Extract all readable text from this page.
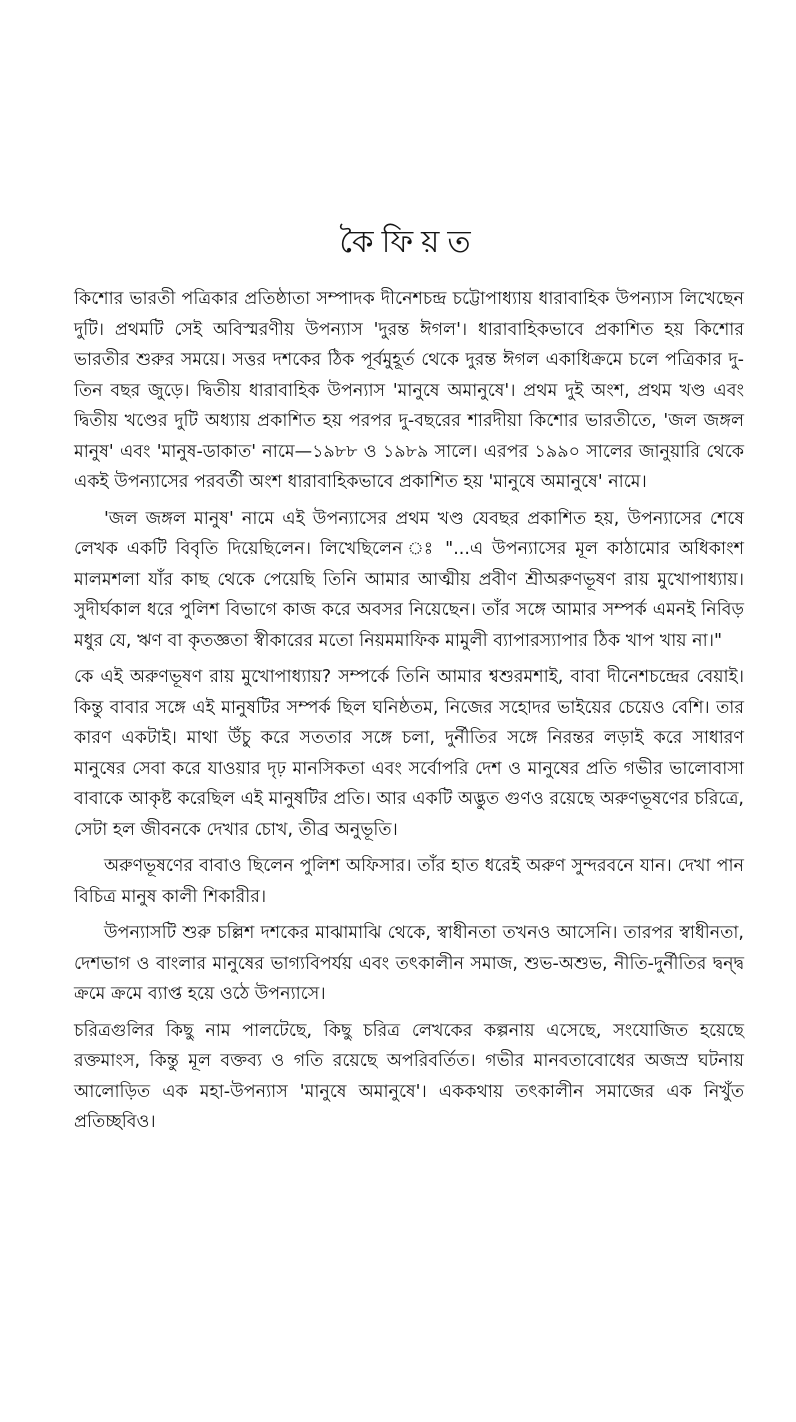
কৈফিয়ত

কিশোর ভারতী পত্রিকার প্রতিষ্ঠাতা সম্পাদক দীনেশচন্দ্র চট্টোপাধ্যায় ধারাবাহিক উপন্যাস লিখেছেন দুটি। প্রথমটি সেই অবিস্মরণীয় উপন্যাস 'দুরন্ত ঈগল'। ধারাবাহিকভাবে প্রকাশিত হয় কিশোর ভারতীর শুরুর সময়ে। সত্তর দশকের ঠিক পূর্বমুহূর্ত থেকে দুরন্ত ঈগল একাধিক্রমে চলে পত্রিকার দু-তিন বছর জুড়ে। দ্বিতীয় ধারাবাহিক উপন্যাস 'মানুষে অমানুষে'। প্রথম দুই অংশ, প্রথম খণ্ড এবং দ্বিতীয় খণ্ডের দুটি অধ্যায় প্রকাশিত হয় পরপর দু-বছরের শারদীয়া কিশোর ভারতীতে, 'জল জঙ্গল মানুষ' এবং 'মানুষ-ডাকাত' নামে—১৯৮৮ ও ১৯৮৯ সালে। এরপর ১৯৯০ সালের জানুয়ারি থেকে একই উপন্যাসের পরবর্তী অংশ ধারাবাহিকভাবে প্রকাশিত হয় 'মানুষে অমানুষে' নামে।

'জল জঙ্গল মানুষ' নামে এই উপন্যাসের প্রথম খণ্ড যেবছর প্রকাশিত হয়, উপন্যাসের শেষে লেখক একটি বিবৃতি দিয়েছিলেন। লিখেছিলেন ঃ "...এ উপন্যাসের মূল কাঠামোর অধিকাংশ মালমশলা যাঁর কাছ থেকে পেয়েছি তিনি আমার আত্মীয় প্রবীণ শ্রীঅরুণভূষণ রায় মুখোপাধ্যায়। সুদীর্ঘকাল ধরে পুলিশ বিভাগে কাজ করে অবসর নিয়েছেন। তাঁর সঙ্গে আমার সম্পর্ক এমনই নিবিড় মধুর যে, ঋণ বা কৃতজ্ঞতা স্বীকারের মতো নিয়মমাফিক মামুলী ব্যাপারস্যাপার ঠিক খাপ খায় না।"

কে এই অরুণভূষণ রায় মুখোপাধ্যায়? সম্পর্কে তিনি আমার শ্বশুরমশাই, বাবা দীনেশচন্দ্রের বেয়াই। কিন্তু বাবার সঙ্গে এই মানুষটির সম্পর্ক ছিল ঘনিষ্ঠতম, নিজের সহোদর ভাইয়ের চেয়েও বেশি। তার কারণ একটাই। মাথা উঁচু করে সততার সঙ্গে চলা, দুর্নীতির সঙ্গে নিরন্তর লড়াই করে সাধারণ মানুষের সেবা করে যাওয়ার দৃঢ় মানসিকতা এবং সর্বোপরি দেশ ও মানুষের প্রতি গভীর ভালোবাসা বাবাকে আকৃষ্ট করেছিল এই মানুষটির প্রতি। আর একটি অদ্ভুত গুণও রয়েছে অরুণভূষণের চরিত্রে, সেটা হল জীবনকে দেখার চোখ, তীব্র অনুভূতি।

অরুণভূষণের বাবাও ছিলেন পুলিশ অফিসার। তাঁর হাত ধরেই অরুণ সুন্দরবনে যান। দেখা পান বিচিত্র মানুষ কালী শিকারীর।

উপন্যাসটি শুরু চল্লিশ দশকের মাঝামাঝি থেকে, স্বাধীনতা তখনও আসেনি। তারপর স্বাধীনতা, দেশভাগ ও বাংলার মানুষের ভাগ্যবিপর্যয় এবং তৎকালীন সমাজ, শুভ-অশুভ, নীতি-দুর্নীতির দ্বন্দ্ব ক্রমে ক্রমে ব্যাপ্ত হয়ে ওঠে উপন্যাসে।

চরিত্রগুলির কিছু নাম পালটেছে, কিছু চরিত্র লেখকের কল্পনায় এসেছে, সংযোজিত হয়েছে রক্তমাংস, কিন্তু মূল বক্তব্য ও গতি রয়েছে অপরিবর্তিত। গভীর মানবতাবোধের অজস্র ঘটনায় আলোড়িত এক মহা-উপন্যাস 'মানুষে অমানুষে'। এককথায় তৎকালীন সমাজের এক নিখুঁত প্রতিচ্ছবিও।
